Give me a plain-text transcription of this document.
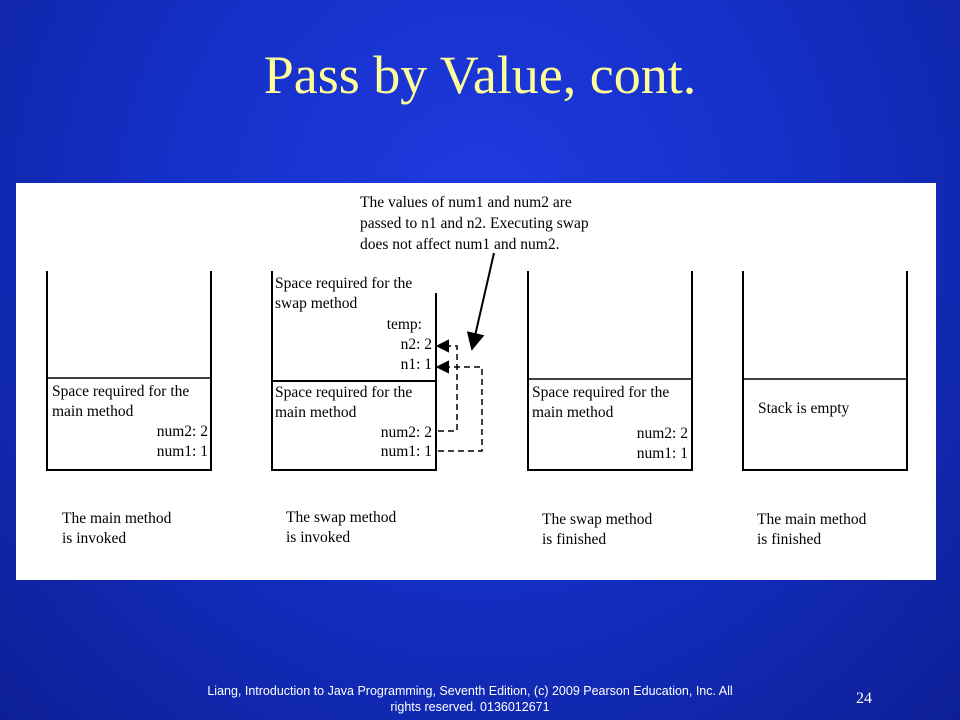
Pass by Value, cont.
The values of num1 and num2 are
passed to n1 and n2. Executing swap
does not affect num1 and num2.
Space required for the
main method
num2: 2
num1: 1
The main method
is invoked
Space required for the
swap method
temp:
n2: 2
n1: 1
Space required for the
main method
num2: 2
num1: 1
The swap method
is invoked
Space required for the
main method
num2: 2
num1: 1
The swap method
is finished
Stack is empty
The main method
is finished
Liang, Introduction to Java Programming, Seventh Edition, (c) 2009 Pearson Education, Inc. All
rights reserved. 0136012671	24
